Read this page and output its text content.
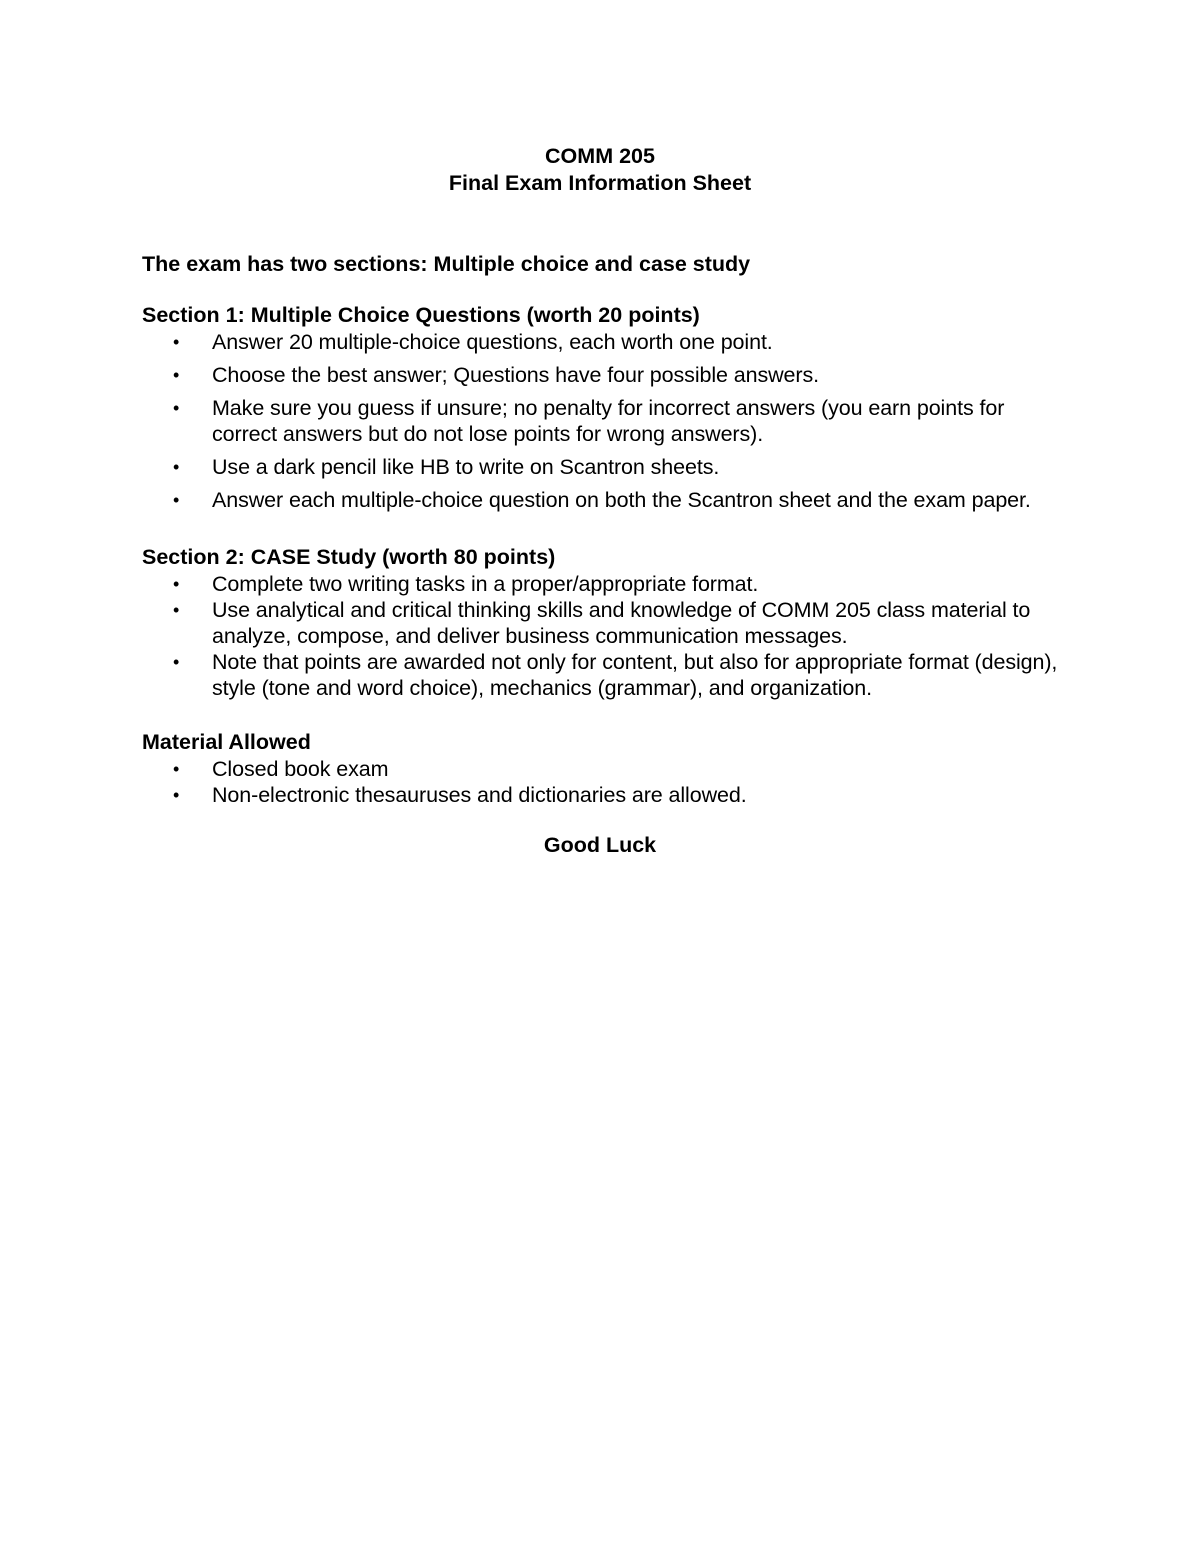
COMM 205
Final Exam Information Sheet
The exam has two sections: Multiple choice and case study
Section 1: Multiple Choice Questions (worth 20 points)
• Answer 20 multiple-choice questions, each worth one point.
• Choose the best answer; Questions have four possible answers.
• Make sure you guess if unsure; no penalty for incorrect answers (you earn points for correct answers but do not lose points for wrong answers).
• Use a dark pencil like HB to write on Scantron sheets.
• Answer each multiple-choice question on both the Scantron sheet and the exam paper.
Section 2: CASE Study (worth 80 points)
• Complete two writing tasks in a proper/appropriate format.
• Use analytical and critical thinking skills and knowledge of COMM 205 class material to analyze, compose, and deliver business communication messages.
• Note that points are awarded not only for content, but also for appropriate format (design), style (tone and word choice), mechanics (grammar), and organization.
Material Allowed
• Closed book exam
• Non-electronic thesauruses and dictionaries are allowed.
Good Luck
